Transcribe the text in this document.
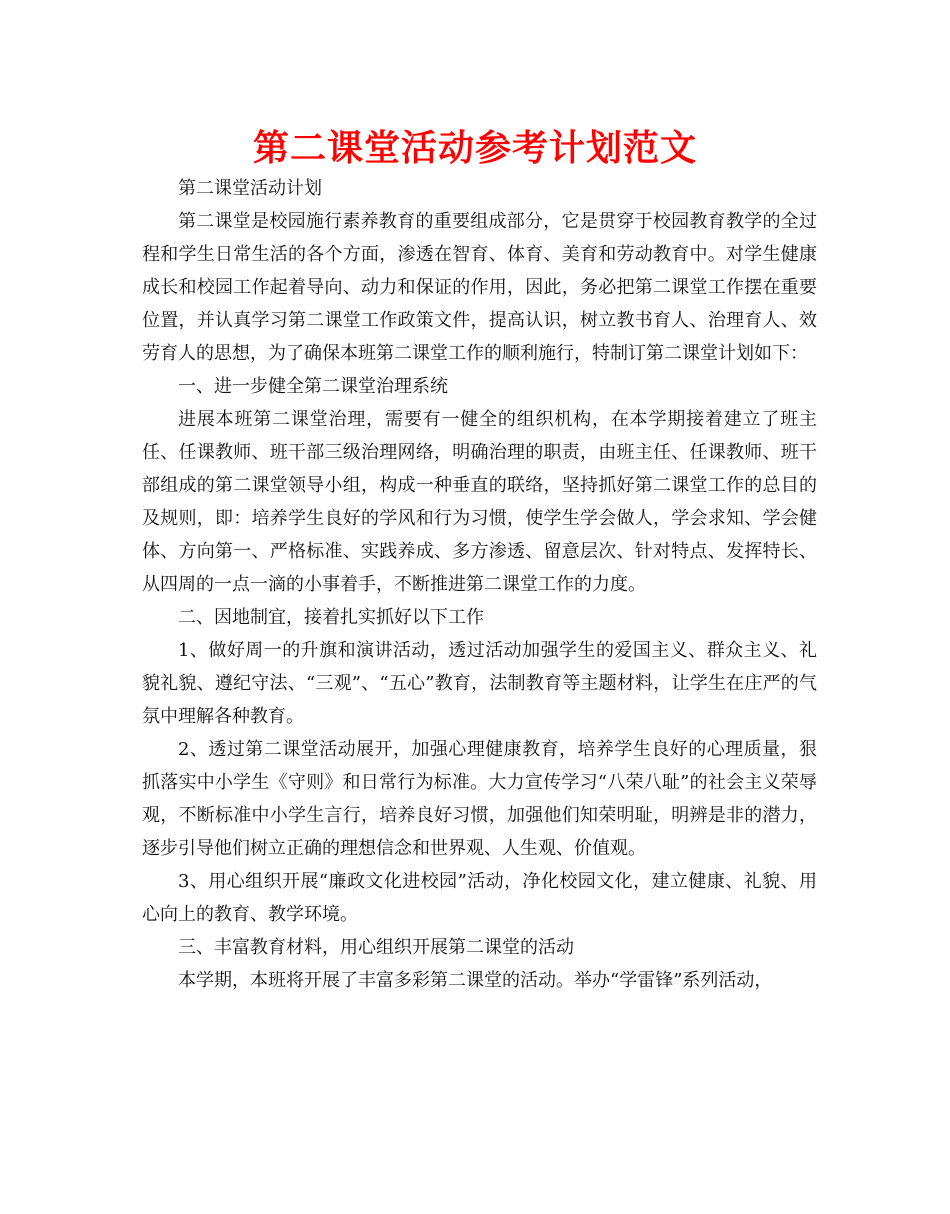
第二课堂活动参考计划范文

第二课堂活动计划

第二课堂是校园施行素养教育的重要组成部分，它是贯穿于校园教育教学的全过程和学生日常生活的各个方面，渗透在智育、体育、美育和劳动教育中。对学生健康成长和校园工作起着导向、动力和保证的作用，因此，务必把第二课堂工作摆在重要位置，并认真学习第二课堂工作政策文件，提高认识，树立教书育人、治理育人、效劳育人的思想，为了确保本班第二课堂工作的顺利施行，特制订第二课堂计划如下：

一、进一步健全第二课堂治理系统

进展本班第二课堂治理，需要有一健全的组织机构，在本学期接着建立了班主任、任课教师、班干部三级治理网络，明确治理的职责，由班主任、任课教师、班干部组成的第二课堂领导小组，构成一种垂直的联络，坚持抓好第二课堂工作的总目的及规则，即：培养学生良好的学风和行为习惯，使学生学会做人，学会求知、学会健体、方向第一、严格标准、实践养成、多方渗透、留意层次、针对特点、发挥特长、从四周的一点一滴的小事着手，不断推进第二课堂工作的力度。

二、因地制宜，接着扎实抓好以下工作

1、做好周一的升旗和演讲活动，透过活动加强学生的爱国主义、群众主义、礼貌礼貌、遵纪守法、“三观”、“五心”教育，法制教育等主题材料，让学生在庄严的气氛中理解各种教育。

2、透过第二课堂活动展开，加强心理健康教育，培养学生良好的心理质量，狠抓落实中小学生《守则》和日常行为标准。大力宣传学习“八荣八耻”的社会主义荣辱观，不断标准中小学生言行，培养良好习惯，加强他们知荣明耻，明辨是非的潜力，逐步引导他们树立正确的理想信念和世界观、人生观、价值观。

3、用心组织开展“廉政文化进校园”活动，净化校园文化，建立健康、礼貌、用心向上的教育、教学环境。

三、丰富教育材料，用心组织开展第二课堂的活动

本学期，本班将开展了丰富多彩第二课堂的活动。举办“学雷锋”系列活动，
